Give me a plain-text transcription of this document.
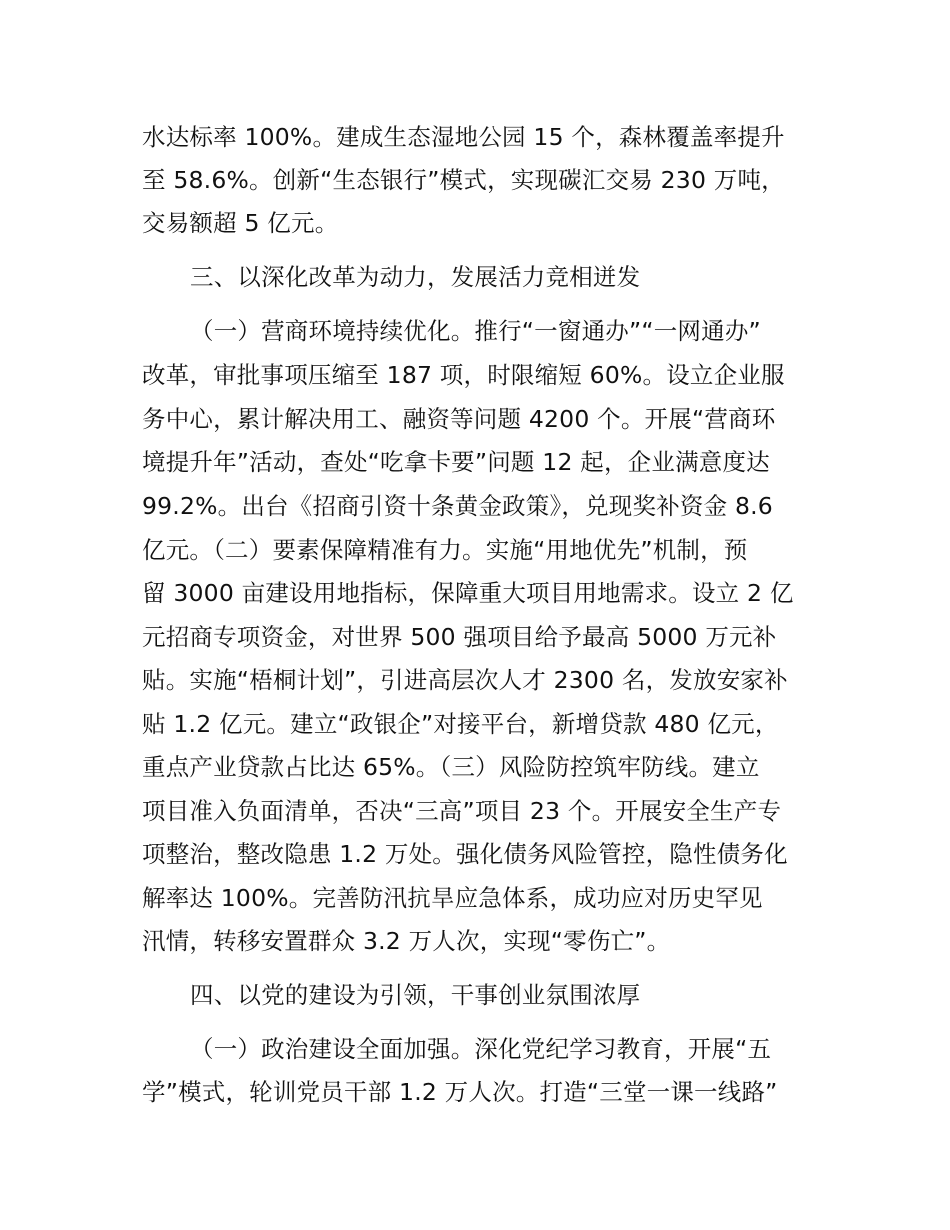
水达标率 100%。建成生态湿地公园 15 个，森林覆盖率提升
至 58.6%。创新“生态银行”模式，实现碳汇交易 230 万吨，
交易额超 5 亿元。
三、以深化改革为动力，发展活力竞相迸发
（一）营商环境持续优化。推行“一窗通办”“一网通办”
改革，审批事项压缩至 187 项，时限缩短 60%。设立企业服
务中心，累计解决用工、融资等问题 4200 个。开展“营商环
境提升年”活动，查处“吃拿卡要”问题 12 起，企业满意度达
99.2%。出台《招商引资十条黄金政策》，兑现奖补资金 8.6
亿元。（二）要素保障精准有力。实施“用地优先”机制，预
留 3000 亩建设用地指标，保障重大项目用地需求。设立 2 亿
元招商专项资金，对世界 500 强项目给予最高 5000 万元补
贴。实施“梧桐计划”，引进高层次人才 2300 名，发放安家补
贴 1.2 亿元。建立“政银企”对接平台，新增贷款 480 亿元，
重点产业贷款占比达 65%。（三）风险防控筑牢防线。建立
项目准入负面清单，否决“三高”项目 23 个。开展安全生产专
项整治，整改隐患 1.2 万处。强化债务风险管控，隐性债务化
解率达 100%。完善防汛抗旱应急体系，成功应对历史罕见
汛情，转移安置群众 3.2 万人次，实现“零伤亡”。
四、以党的建设为引领，干事创业氛围浓厚
（一）政治建设全面加强。深化党纪学习教育，开展“五
学”模式，轮训党员干部 1.2 万人次。打造“三堂一课一线路”
